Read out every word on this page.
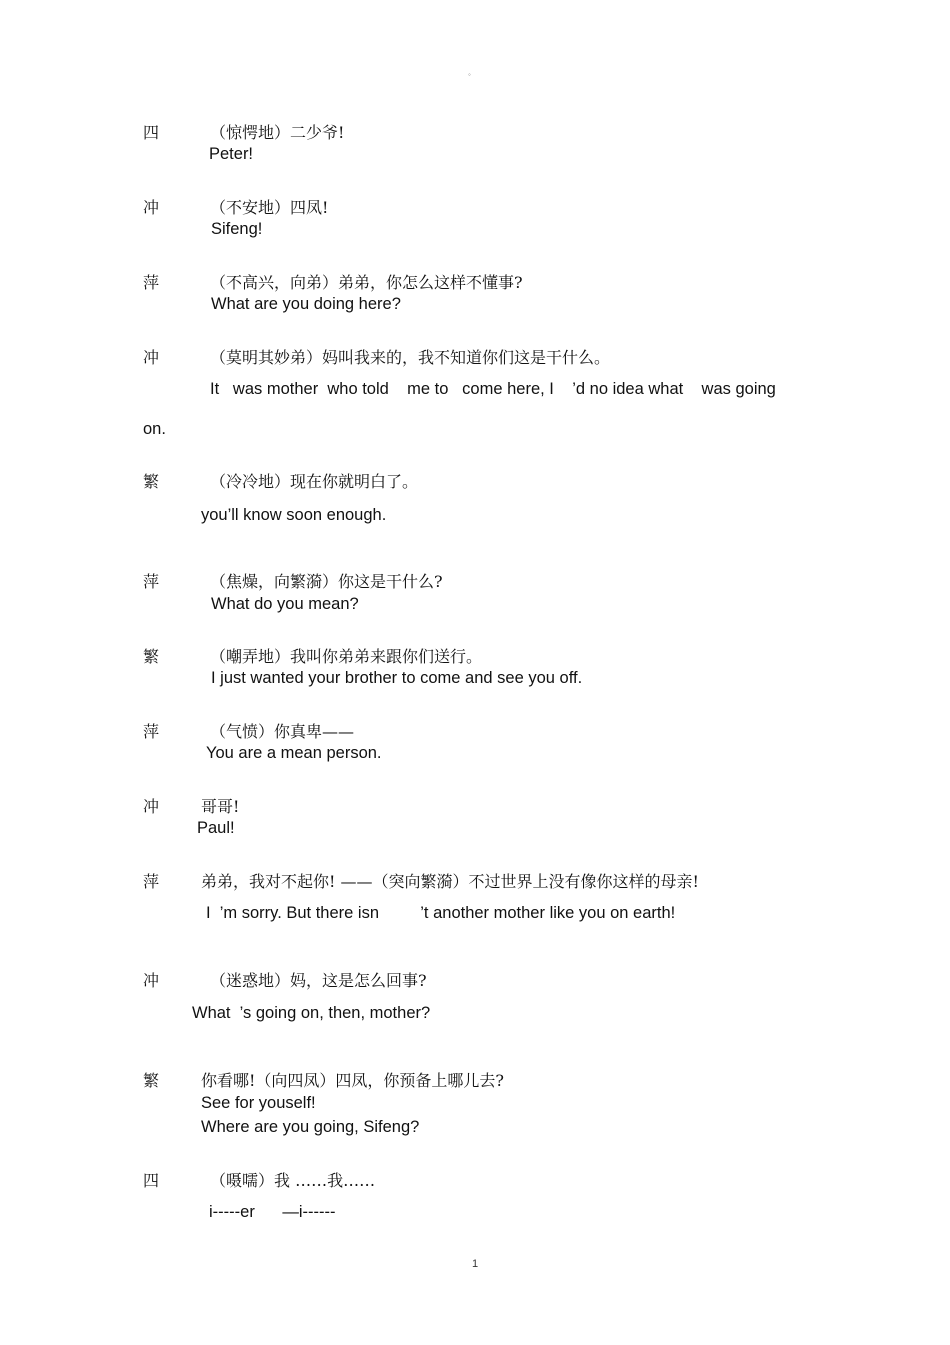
◦
四	（惊愕地）二少爷!
Peter!
冲	（不安地）四凤!
Sifeng!
萍	（不高兴，向弟）弟弟，你怎么这样不懂事?
What are you doing here?
冲	（莫明其妙弟）妈叫我来的，我不知道你们这是干什么。
It   was mother  who told    me to   come here, I    ’d no idea what    was going
on.
繁	（冷冷地）现在你就明白了。
you’ll know soon enough.
萍	（焦燥，向繁漪）你这是干什么?
What do you mean?
繁	（嘲弄地）我叫你弟弟来跟你们送行。
I just wanted your brother to come and see you off.
萍	（气愤）你真卑——
You are a mean person.
冲	哥哥!
Paul!
萍	弟弟，我对不起你! ——（突向繁漪）不过世界上没有像你这样的母亲!
I  ’m sorry. But there isn         ’t another mother like you on earth!
冲	（迷惑地）妈，这是怎么回事?
What  ’s going on, then, mother?
繁	你看哪!（向四凤）四凤，你预备上哪儿去?
See for youself!
Where are you going, Sifeng?
四	（嗫嚅）我 ……我……
i-----er      —i------
1
